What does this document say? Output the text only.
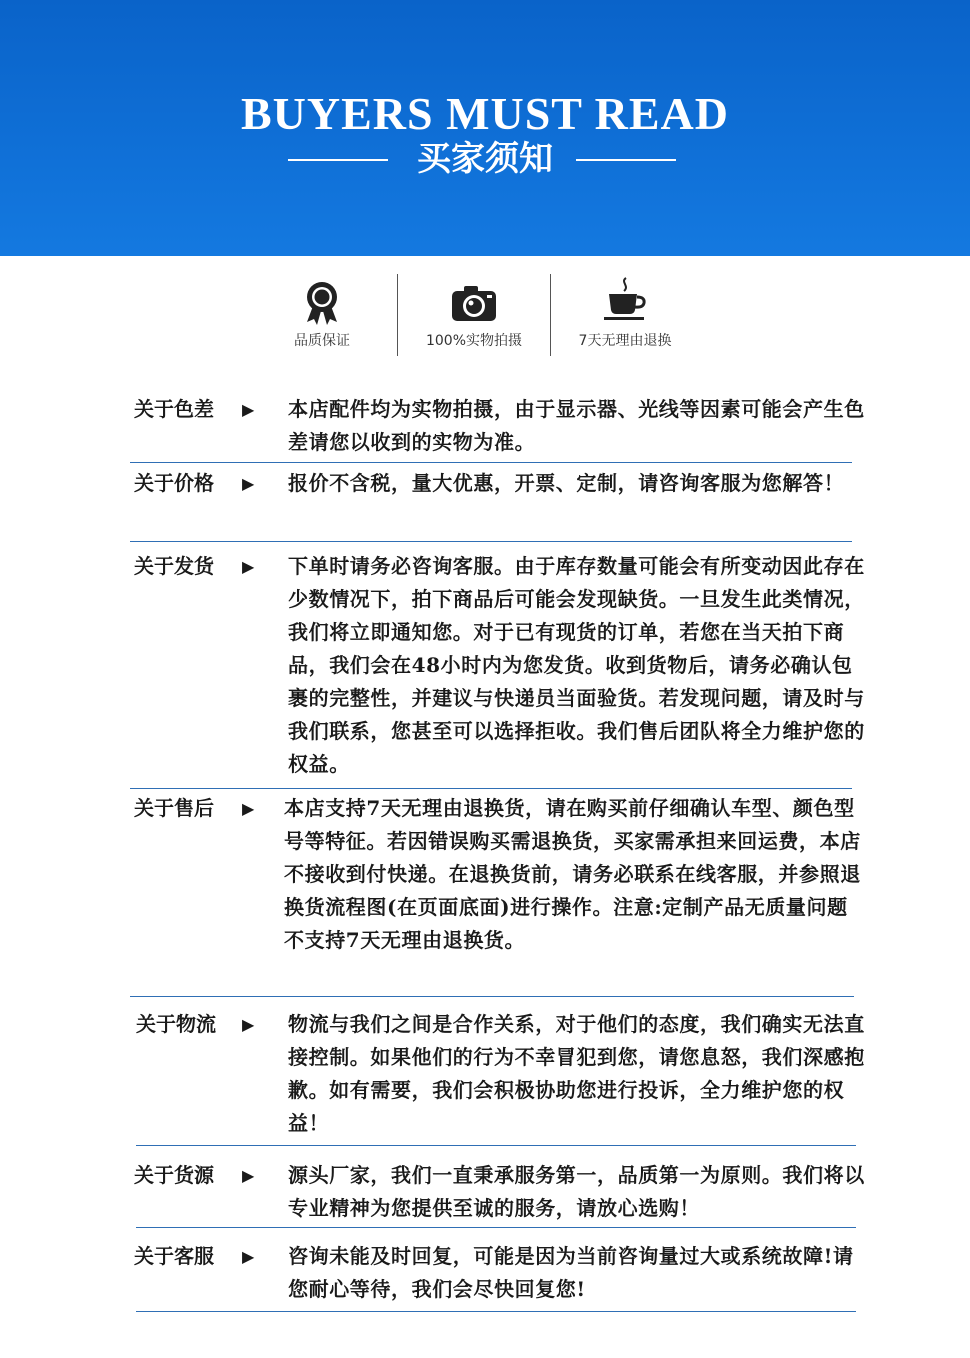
BUYERS MUST READ
买家须知
品质保证	100%实物拍摄	7天无理由退换
关于色差 ▶ 本店配件均为实物拍摄，由于显示器、光线等因素可能会产生色差请您以收到的实物为准。
关于价格 ▶ 报价不含税，量大优惠，开票、定制，请咨询客服为您解答！
关于发货 ▶ 下单时请务必咨询客服。由于库存数量可能会有所变动因此存在少数情况下，拍下商品后可能会发现缺货。一旦发生此类情况，我们将立即通知您。对于已有现货的订单，若您在当天拍下商品，我们会在48小时内为您发货。收到货物后，请务必确认包裹的完整性，并建议与快递员当面验货。若发现问题，请及时与我们联系，您甚至可以选择拒收。我们售后团队将全力维护您的权益。
关于售后 ▶ 本店支持7天无理由退换货，请在购买前仔细确认车型、颜色型号等特征。若因错误购买需退换货，买家需承担来回运费，本店不接收到付快递。在退换货前，请务必联系在线客服，并参照退换货流程图(在页面底面)进行操作。注意:定制产品无质量问题不支持7天无理由退换货。
关于物流 ▶ 物流与我们之间是合作关系，对于他们的态度，我们确实无法直接控制。如果他们的行为不幸冒犯到您，请您息怒，我们深感抱歉。如有需要，我们会积极协助您进行投诉，全力维护您的权益！
关于货源 ▶ 源头厂家，我们一直秉承服务第一，品质第一为原则。我们将以专业精神为您提供至诚的服务，请放心选购！
关于客服 ▶ 咨询未能及时回复，可能是因为当前咨询量过大或系统故障!请您耐心等待，我们会尽快回复您!
